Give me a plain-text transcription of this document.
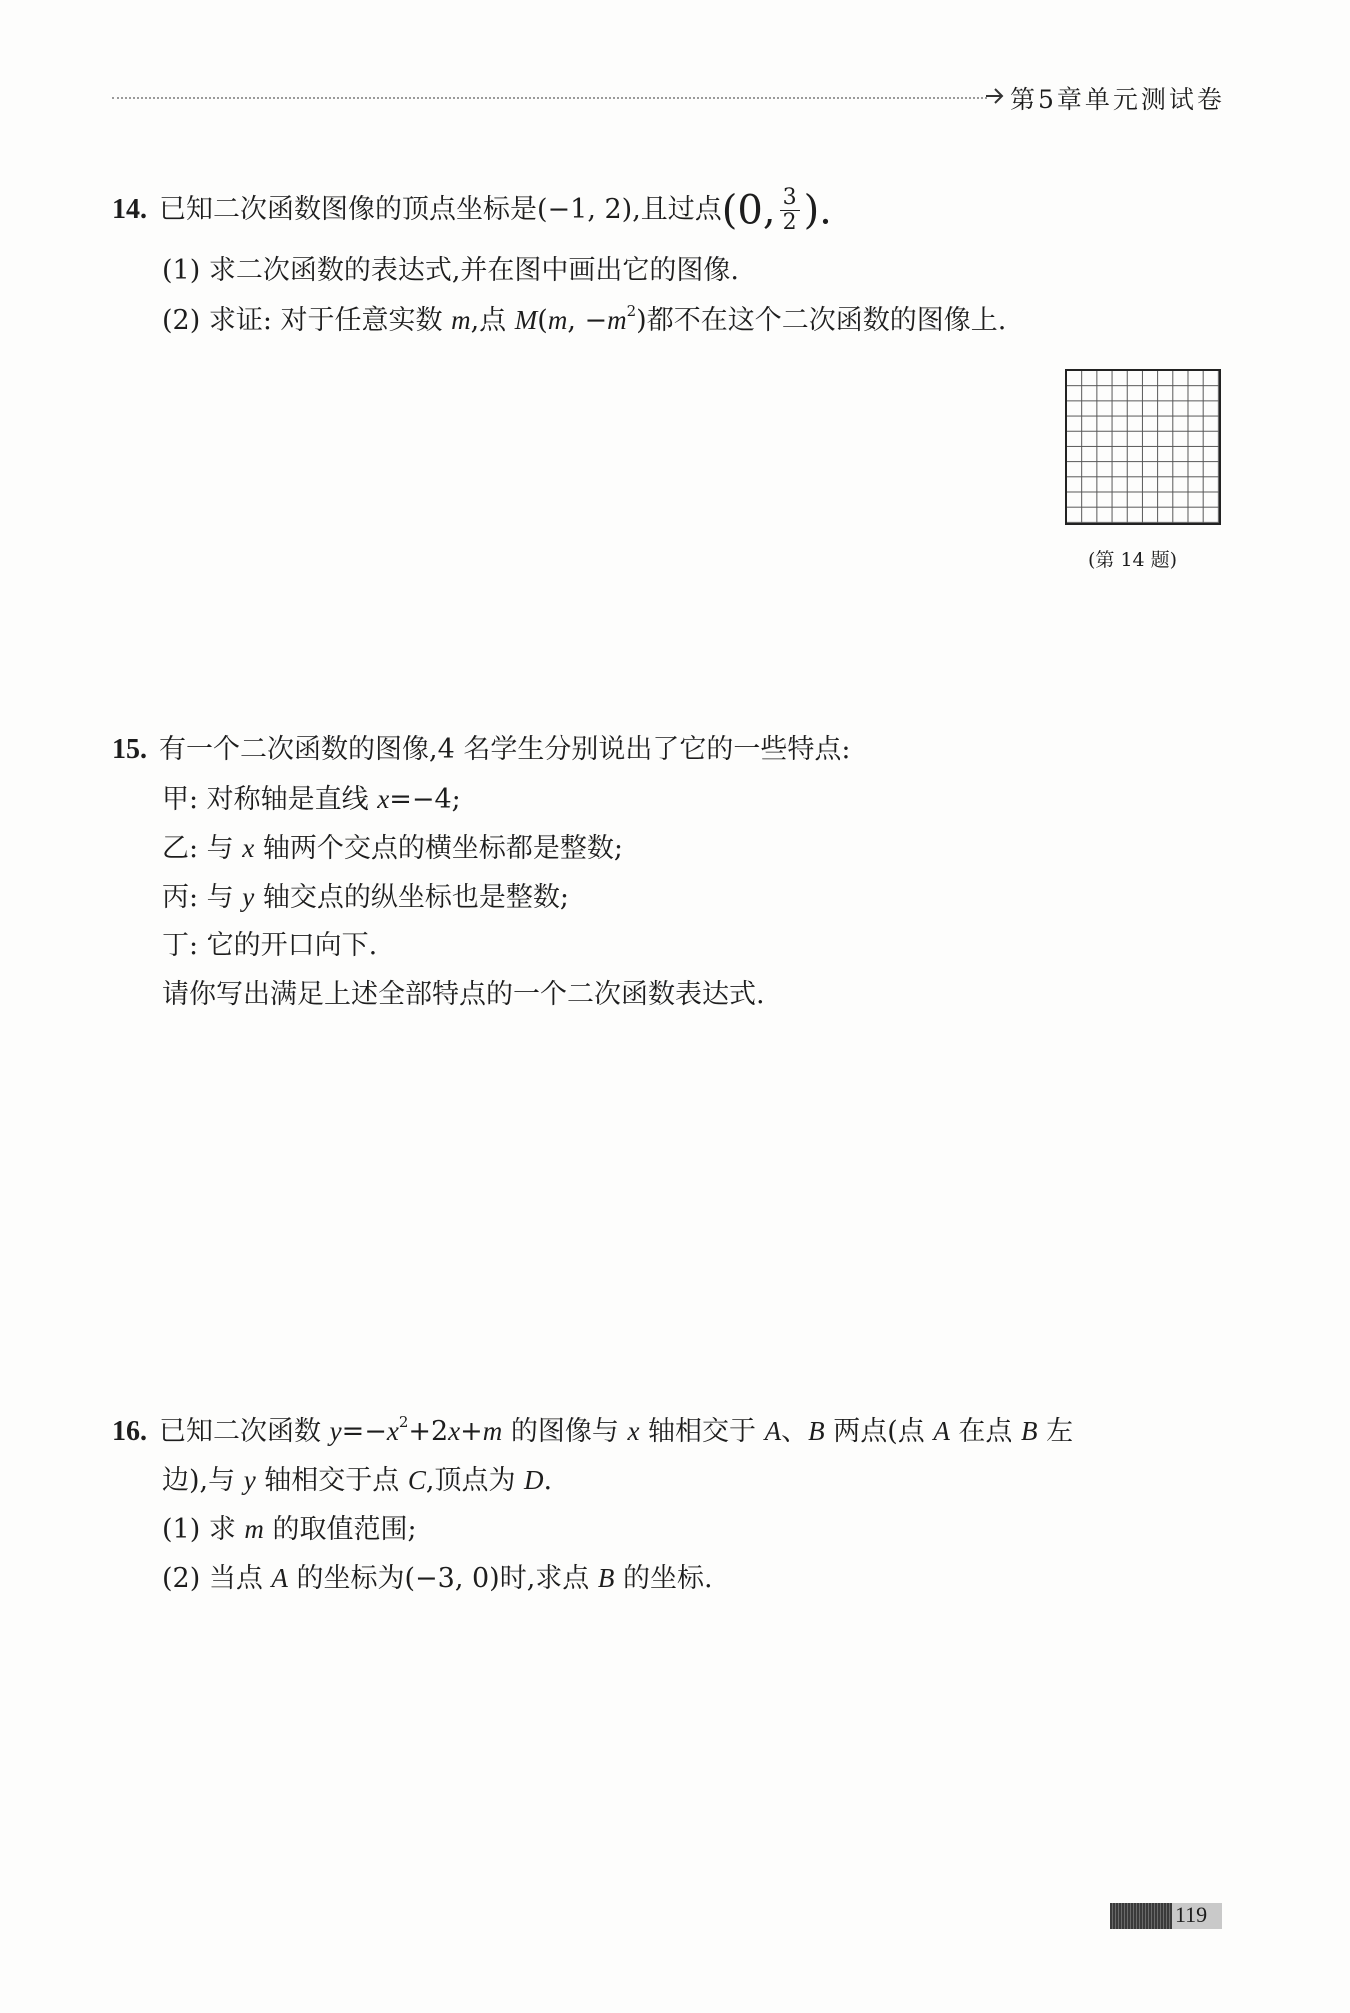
第5章单元测试卷
14. 已知二次函数图像的顶点坐标是(−1, 2),且过点(0, $\frac{3}{2}$ ).
(1) 求二次函数的表达式,并在图中画出它的图像.
(2) 求证: 对于任意实数 m,点 M(m, $-m^2$)都不在这个二次函数的图像上.
(第 14 题)
15. 有一个二次函数的图像,4 名学生分别说出了它的一些特点:
甲: 对称轴是直线 x=−4;
乙: 与 x 轴两个交点的横坐标都是整数;
丙: 与 y 轴交点的纵坐标也是整数;
丁: 它的开口向下.
请你写出满足上述全部特点的一个二次函数表达式.
16. 已知二次函数 $y=-x^2+2x+m$ 的图像与 x 轴相交于 A、B 两点(点 A 在点 B 左
边),与 y 轴相交于点 C,顶点为 D.
(1) 求 m 的取值范围;
(2) 当点 A 的坐标为(−3, 0)时,求点 B 的坐标.
119
